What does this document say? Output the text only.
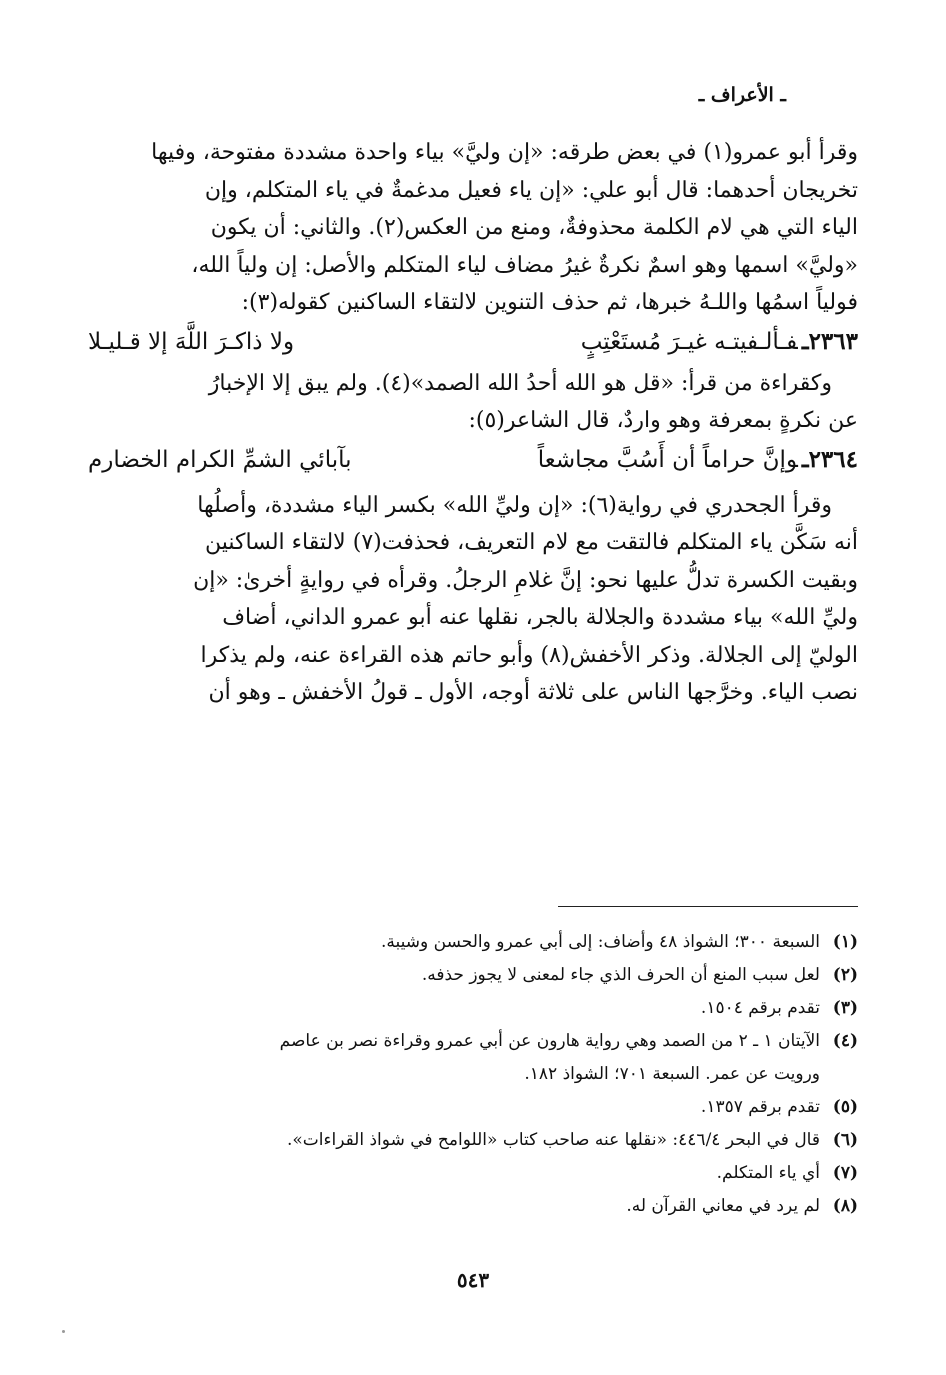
ـ الأعراف ـ

وقرأ أبو عمرو(١) في بعض طرقه: «إن وليَّ» بياء واحدة مشددة مفتوحة، وفيها

تخريجان أحدهما: قال أبو علي: «إن ياء فعيل مدغمةٌ في ياء المتكلم، وإن

الياء التي هي لام الكلمة محذوفةٌ، ومنع من العكس(٢). والثاني: أن يكون

«وليَّ» اسمها وهو اسمٌ نكرةٌ غيرُ مضاف لياء المتكلم والأصل: إن ولياً الله،

فولياً اسمُها واللـهُ خبرها، ثم حذف التنوين لالتقاء الساكنين كقوله(٣):

٢٣٦٣ـفـألـفيتـه غيـرَ مُستَعْتِبٍ
ولا ذاكـرَ اللَّهَ إلا قـليـلا

وكقراءة من قرأ: «قل هو الله أحدُ الله الصمد»(٤). ولم يبق إلا الإخبارُ

عن نكرةٍ بمعرفة وهو واردٌ، قال الشاعر(٥):

٢٣٦٤ـوإنَّ حراماً أن أَسُبَّ مجاشعاً
بآبائي الشمِّ الكرام الخضارم

وقرأ الجحدري في رواية(٦): «إن وليِّ الله» بكسر الياء مشددة، وأصلُها

أنه سَكَّن ياء المتكلم فالتقت مع لام التعريف، فحذفت(٧) لالتقاء الساكنين

وبقيت الكسرة تدلُّ عليها نحو: إنَّ غلامِ الرجلُ. وقرأه في روايةٍ أخرىٰ: «إن

وليِّ الله» بياء مشددة والجلالة بالجر، نقلها عنه أبو عمرو الداني، أضاف

الوليّ إلى الجلالة. وذكر الأخفش(٨) وأبو حاتم هذه القراءة عنه، ولم يذكرا

نصب الياء. وخرَّجها الناس على ثلاثة أوجه، الأول ـ قولُ الأخفش ـ وهو أن

(١)
السبعة ٣٠٠؛ الشواذ ٤٨ وأضاف: إلى أبي عمرو والحسن وشيبة.
(٢)
لعل سبب المنع أن الحرف الذي جاء لمعنى لا يجوز حذفه.
(٣)
تقدم برقم ١٥٠٤.
(٤)
الآيتان ١ ـ ٢ من الصمد وهي رواية هارون عن أبي عمرو وقراءة نصر بن عاصم
ورويت عن عمر. السبعة ٧٠١؛ الشواذ ١٨٢.
(٥)
تقدم برقم ١٣٥٧.
(٦)
قال في البحر ٤٤٦/٤: «نقلها عنه صاحب كتاب «اللوامح في شواذ القراءات».
(٧)
أي ياء المتكلم.
(٨)
لم يرد في معاني القرآن له.
٥٤٣
